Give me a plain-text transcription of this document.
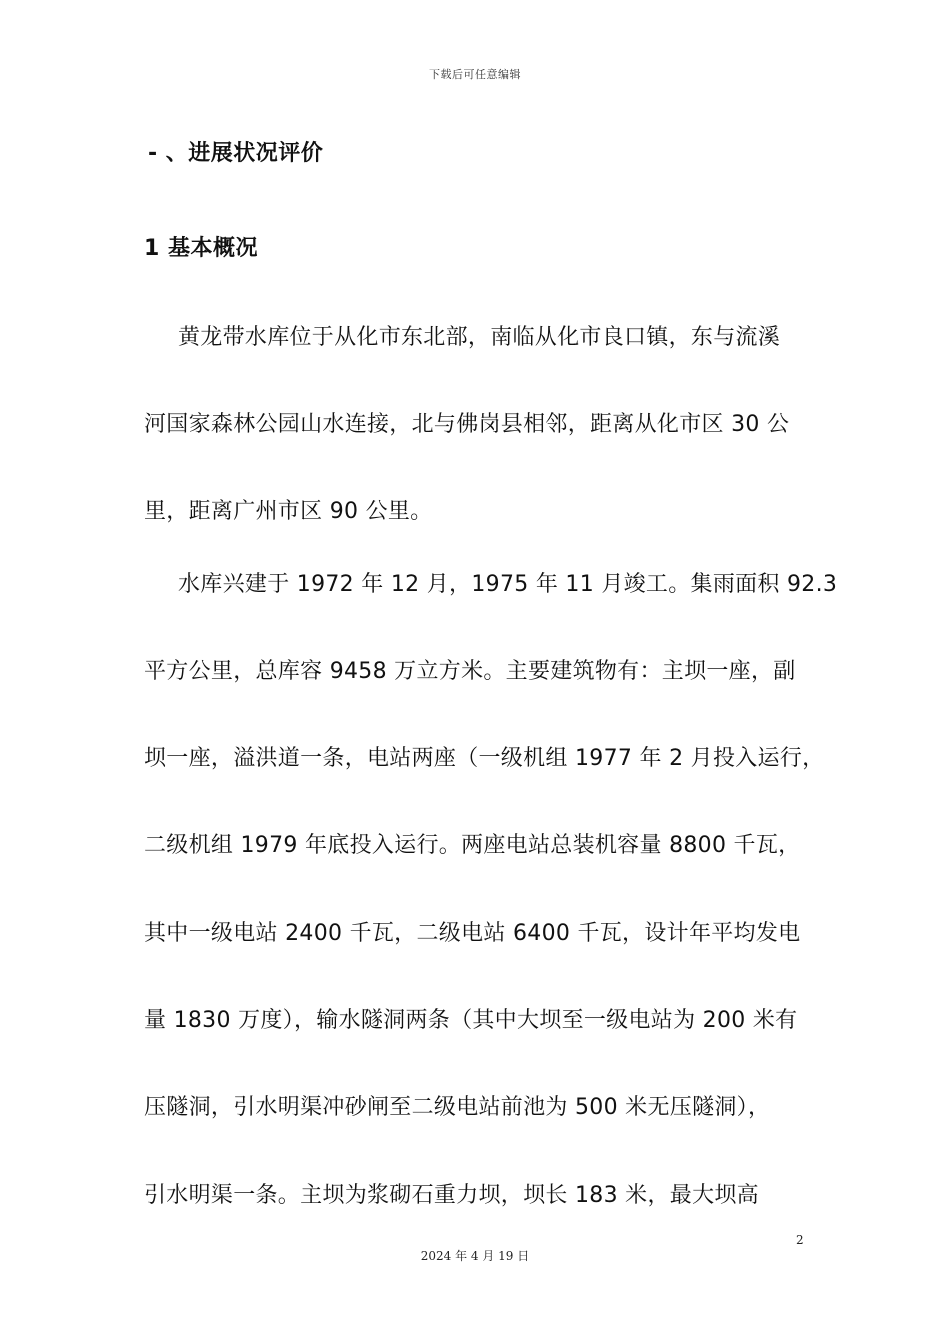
下载后可任意编辑
- 、进展状况评价
1 基本概况
黄龙带水库位于从化市东北部，南临从化市良口镇，东与流溪
河国家森林公园山水连接，北与佛岗县相邻，距离从化市区 30 公
里，距离广州市区 90 公里。
水库兴建于 1972 年 12 月，1975 年 11 月竣工。集雨面积 92.3
平方公里，总库容 9458 万立方米。主要建筑物有：主坝一座，副
坝一座，溢洪道一条，电站两座（一级机组 1977 年 2 月投入运行，
二级机组 1979 年底投入运行。两座电站总装机容量 8800 千瓦，
其中一级电站 2400 千瓦，二级电站 6400 千瓦，设计年平均发电
量 1830 万度），输水隧洞两条（其中大坝至一级电站为 200 米有
压隧洞，引水明渠冲砂闸至二级电站前池为 500 米无压隧洞），
引水明渠一条。主坝为浆砌石重力坝，坝长 183 米，最大坝高
2
2024 年 4 月 19 日
